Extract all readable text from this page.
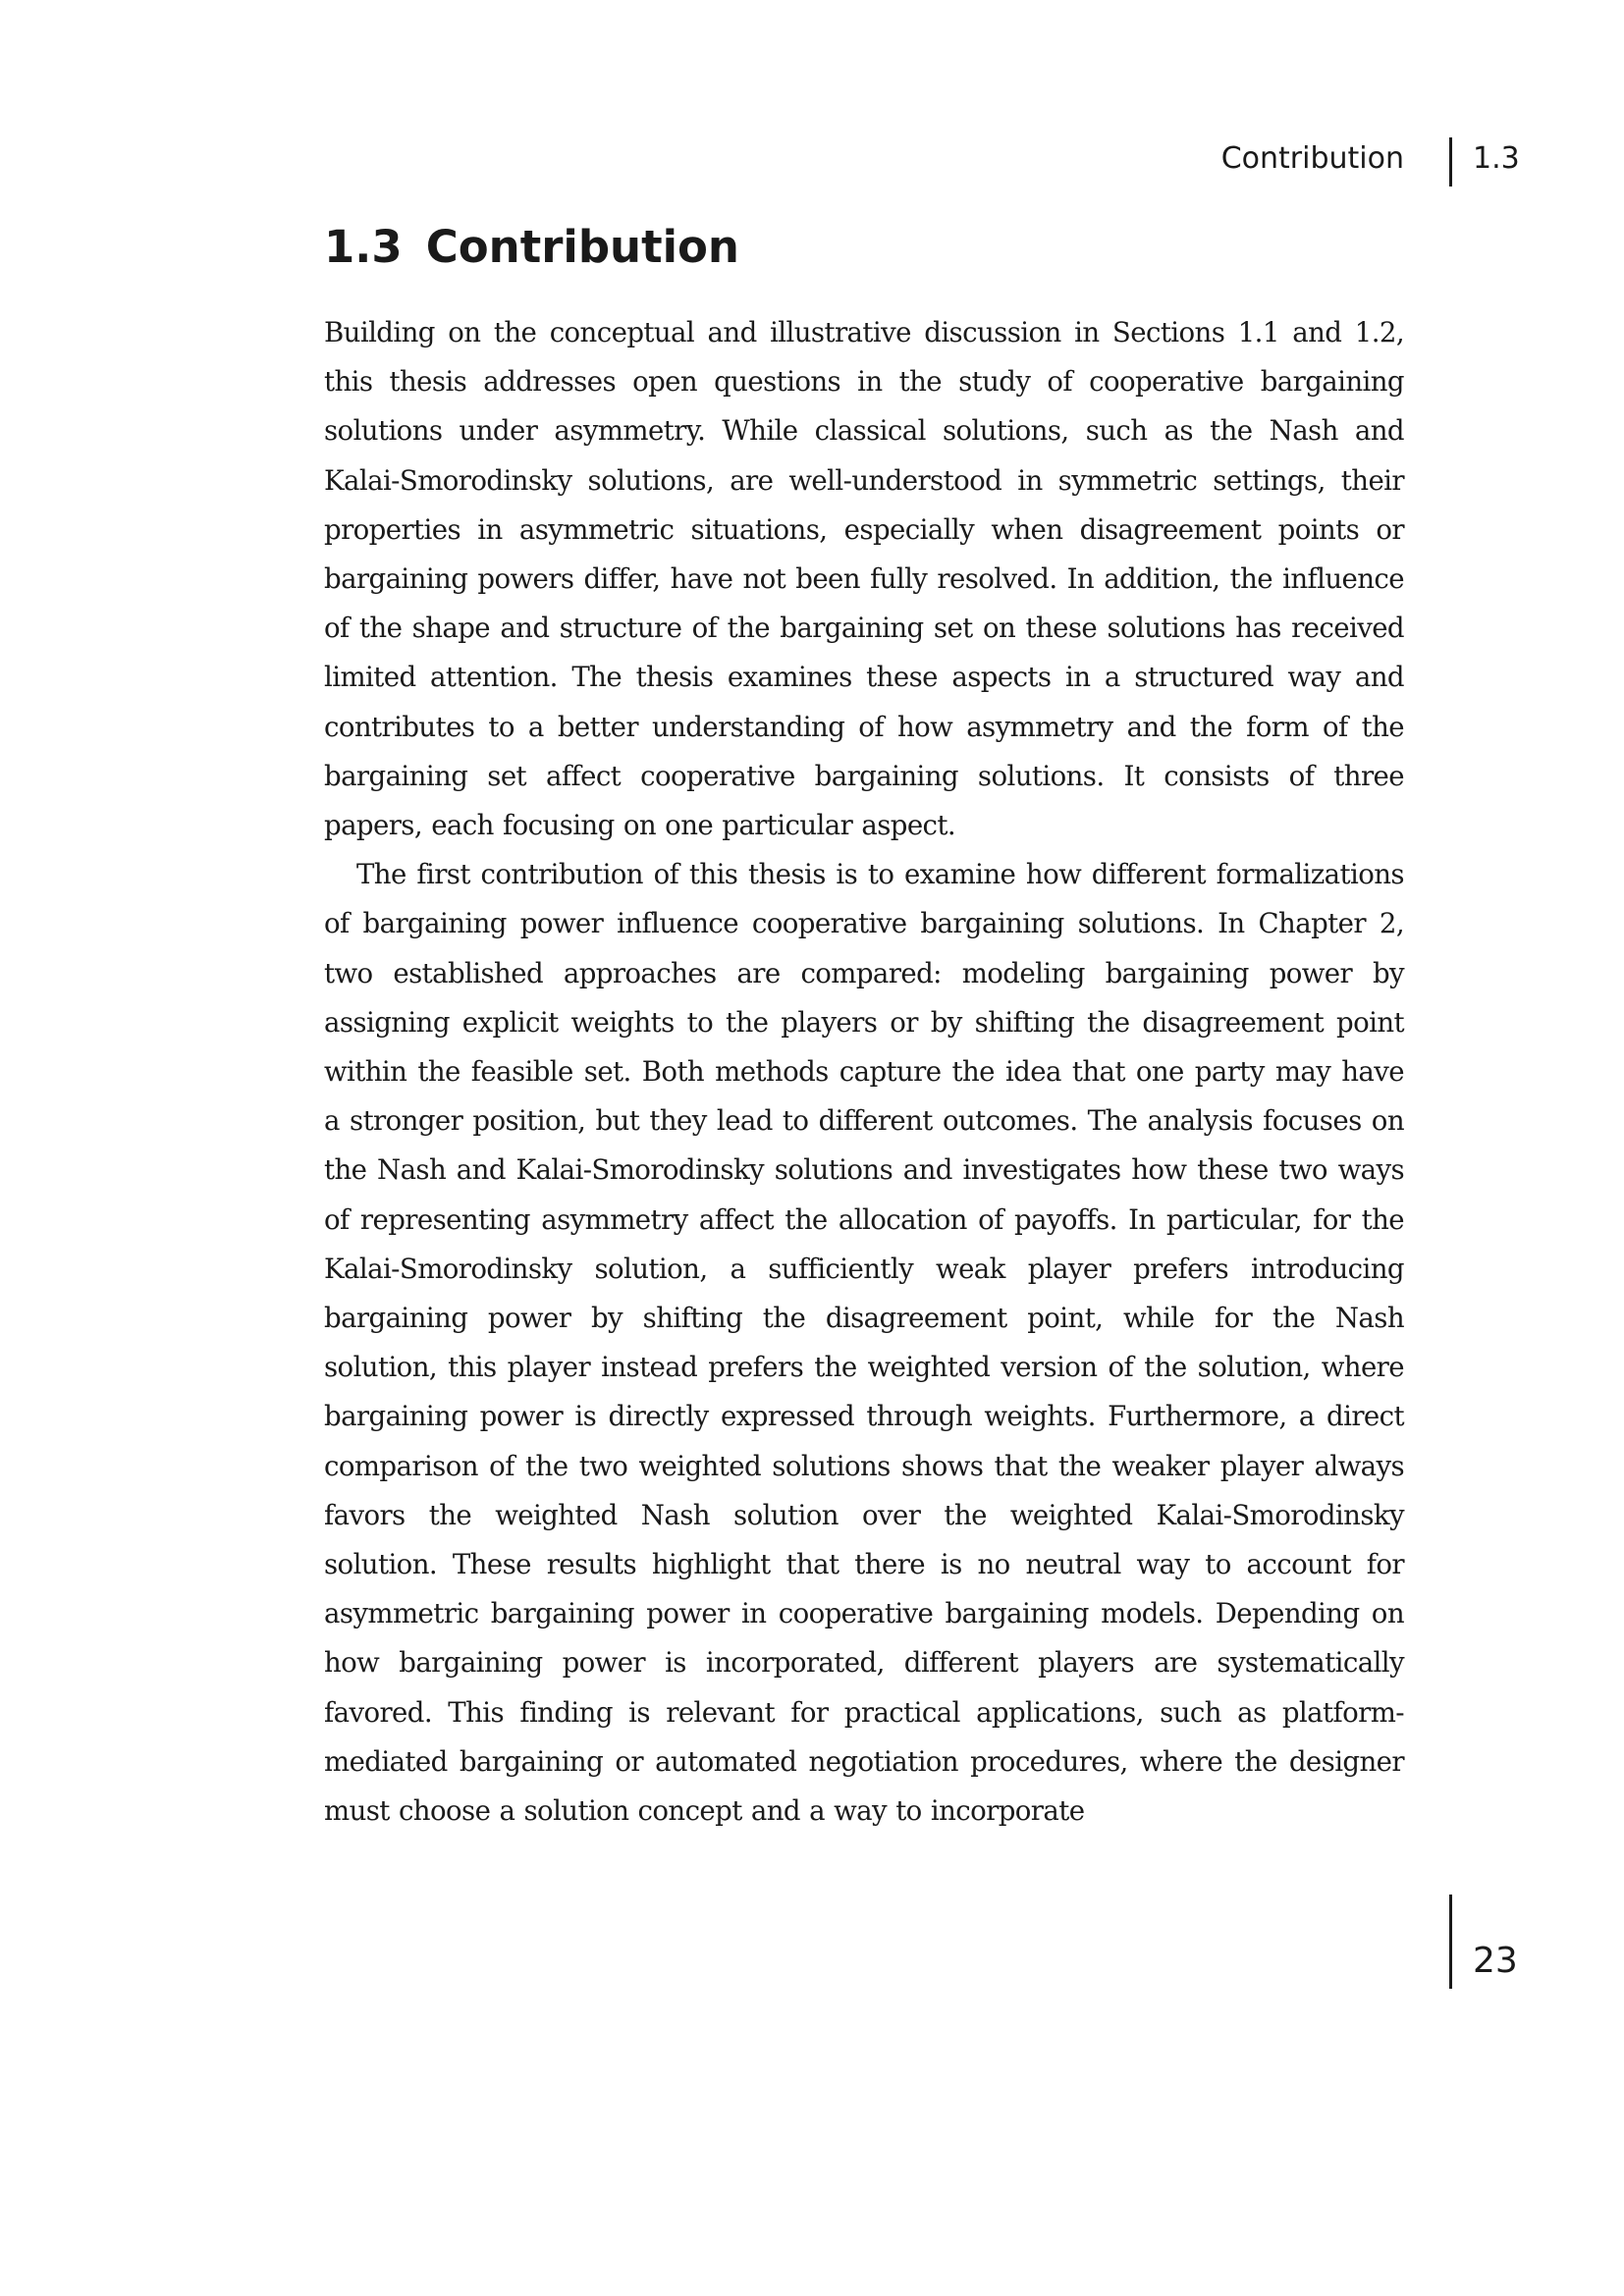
Contribution 1.3
1.3 Contribution

Building on the conceptual and illustrative discussion in Sections 1.1 and 1.2, this thesis addresses open questions in the study of cooperative bargaining solutions under asymmetry. While classical solutions, such as the Nash and Kalai-Smorodinsky solutions, are well-understood in symmetric settings, their properties in asymmetric situations, especially when disagreement points or bargaining powers differ, have not been fully resolved. In addition, the influence of the shape and structure of the bargaining set on these solutions has received limited attention. The thesis examines these aspects in a structured way and contributes to a better understanding of how asymmetry and the form of the bargaining set affect cooperative bargaining solutions. It consists of three papers, each focusing on one particular aspect.

The first contribution of this thesis is to examine how different formalizations of bargaining power influence cooperative bargaining solutions. In Chapter 2, two established approaches are compared: modeling bargaining power by assigning explicit weights to the players or by shifting the disagreement point within the feasible set. Both methods capture the idea that one party may have a stronger position, but they lead to different outcomes. The analysis focuses on the Nash and Kalai-Smorodinsky solutions and investigates how these two ways of representing asymmetry affect the allocation of payoffs. In particular, for the Kalai-Smorodinsky solution, a sufficiently weak player prefers introducing bargaining power by shifting the disagreement point, while for the Nash solution, this player instead prefers the weighted version of the solution, where bargaining power is directly expressed through weights. Furthermore, a direct comparison of the two weighted solutions shows that the weaker player always favors the weighted Nash solution over the weighted Kalai-Smorodinsky solution. These results highlight that there is no neutral way to account for asymmetric bargaining power in cooperative bargaining models. Depending on how bargaining power is incorporated, different players are systematically favored. This finding is relevant for practical applications, such as platform-mediated bargaining or automated negotiation procedures, where the designer must choose a solution concept and a way to incorporate

23
